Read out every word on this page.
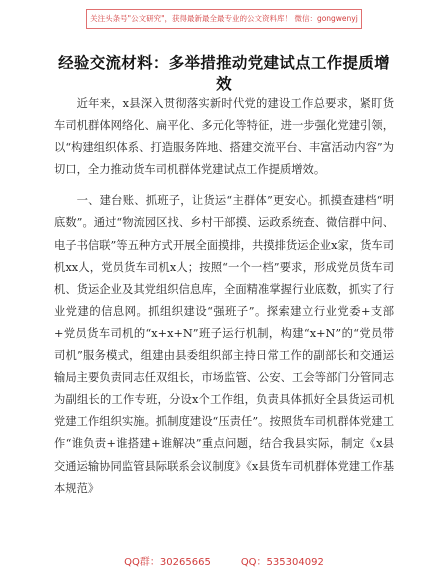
关注头条号"公文研究"，获得最新最全最专业的公文资料库！ 微信：gongwenyj
经验交流材料：多举措推动党建试点工作提质增效

近年来，x县深入贯彻落实新时代党的建设工作总要求，紧盯货车司机群体网络化、扁平化、多元化等特征，进一步强化党建引领，以“构建组织体系、打造服务阵地、搭建交流平台、丰富活动内容”为切口，全力推动货车司机群体党建试点工作提质增效。

一、建台账、抓班子，让货运“主群体”更安心。抓摸查建档“明底数”。通过“物流园区找、乡村干部摸、运政系统查、微信群中问、电子书信联”等五种方式开展全面摸排，共摸排货运企业x家，货车司机xx人，党员货车司机x人；按照“一个一档”要求，形成党员货车司机、货运企业及其党组织信息库，全面精准掌握行业底数，抓实了行业党建的信息网。抓组织建设“强班子”。探索建立行业党委+支部+党员货车司机的“x+x+N”班子运行机制，构建“x+N”的“党员带司机”服务模式，组建由县委组织部主持日常工作的副部长和交通运输局主要负责同志任双组长，市场监管、公安、工会等部门分管同志为副组长的工作专班，分设x个工作组，负责具体抓好全县货运司机党建工作组织实施。抓制度建设“压责任”。按照货车司机群体党建工作“谁负责+谁搭建+谁解决”重点问题，结合我县实际，制定《x县交通运输协同监管县际联系会议制度》《x县货车司机群体党建工作基本规范》

QQ群：30265665	QQ：535304092
